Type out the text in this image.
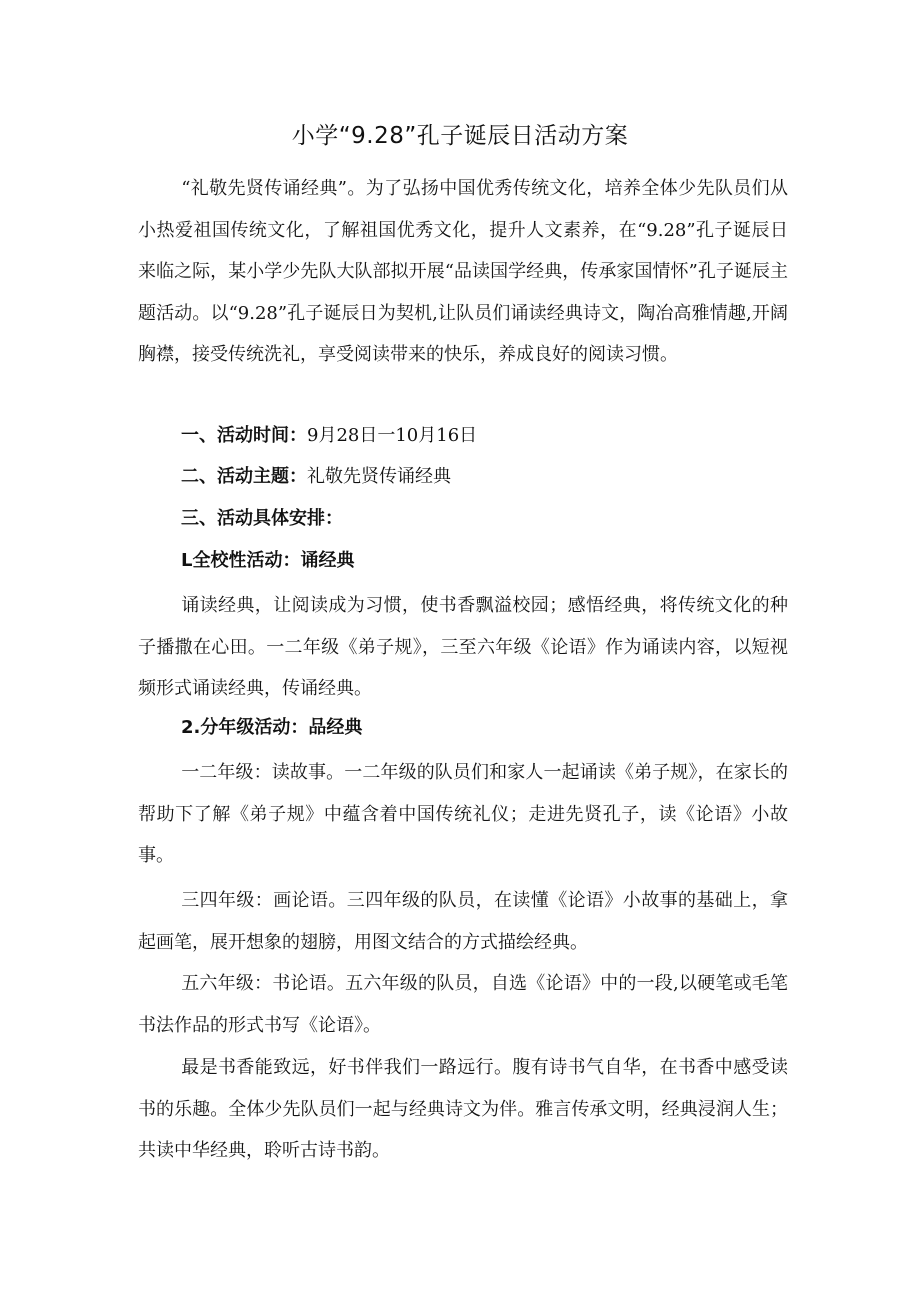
小学“9.28”孔子诞辰日活动方案

“礼敬先贤传诵经典”。为了弘扬中国优秀传统文化，培养全体少先队员们从小热爱祖国传统文化，了解祖国优秀文化，提升人文素养，在“9.28”孔子诞辰日来临之际，某小学少先队大队部拟开展“品读国学经典，传承家国情怀”孔子诞辰主题活动。以“9.28”孔子诞辰日为契机,让队员们诵读经典诗文，陶冶高雅情趣,开阔胸襟，接受传统洗礼，享受阅读带来的快乐，养成良好的阅读习惯。

一、活动时间：9月28日一10月16日
二、活动主题：礼敬先贤传诵经典
三、活动具体安排：
L全校性活动：诵经典

诵读经典，让阅读成为习惯，使书香飘溢校园；感悟经典，将传统文化的种子播撒在心田。一二年级《弟子规》，三至六年级《论语》作为诵读内容，以短视频形式诵读经典，传诵经典。

2.分年级活动：品经典

一二年级：读故事。一二年级的队员们和家人一起诵读《弟子规》，在家长的帮助下了解《弟子规》中蕴含着中国传统礼仪；走进先贤孔子，读《论语》小故事。

三四年级：画论语。三四年级的队员，在读懂《论语》小故事的基础上，拿起画笔，展开想象的翅膀，用图文结合的方式描绘经典。

五六年级：书论语。五六年级的队员，自选《论语》中的一段,以硬笔或毛笔书法作品的形式书写《论语》。

最是书香能致远，好书伴我们一路远行。腹有诗书气自华，在书香中感受读书的乐趣。全体少先队员们一起与经典诗文为伴。雅言传承文明，经典浸润人生；共读中华经典，聆听古诗书韵。
